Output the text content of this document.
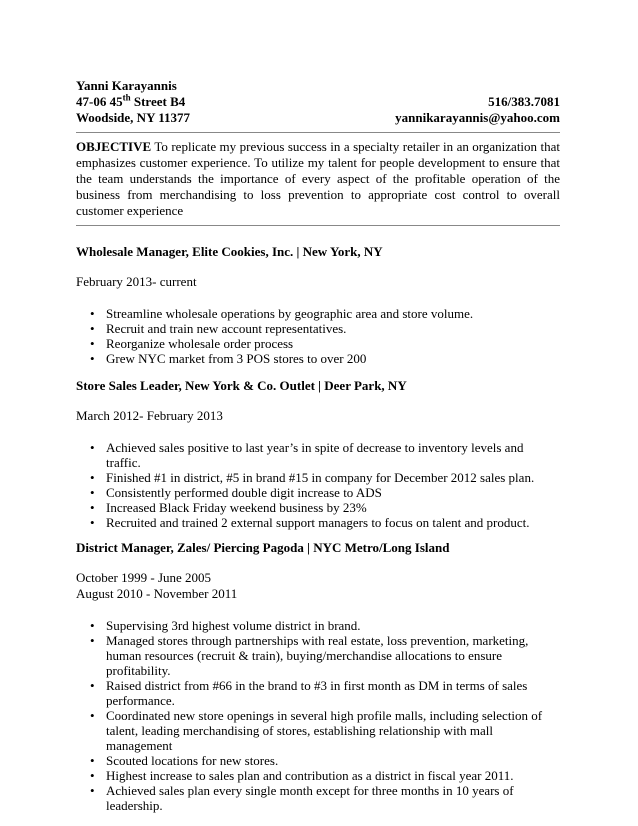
Yanni Karayannis
47-06 45th Street B4	516/383.7081
Woodside, NY 11377	yannikarayannis@yahoo.com
OBJECTIVE To replicate my previous success in a specialty retailer in an organization that emphasizes customer experience. To utilize my talent for people development to ensure that the team understands the importance of every aspect of the profitable operation of the business from merchandising to loss prevention to appropriate cost control to overall customer experience
Wholesale Manager, Elite Cookies, Inc. | New York, NY
February 2013- current
• Streamline wholesale operations by geographic area and store volume.
• Recruit and train new account representatives.
• Reorganize wholesale order process
• Grew NYC market from 3 POS stores to over 200
Store Sales Leader, New York & Co. Outlet | Deer Park, NY
March 2012- February 2013
• Achieved sales positive to last year’s in spite of decrease to inventory levels and traffic.
• Finished #1 in district, #5 in brand #15 in company for December 2012 sales plan.
• Consistently performed double digit increase to ADS
• Increased Black Friday weekend business by 23%
• Recruited and trained 2 external support managers to focus on talent and product.
District Manager, Zales/ Piercing Pagoda | NYC Metro/Long Island
October 1999 - June 2005
August 2010 - November 2011
• Supervising 3rd highest volume district in brand.
• Managed stores through partnerships with real estate, loss prevention, marketing, human resources (recruit & train), buying/merchandise allocations to ensure profitability.
• Raised district from #66 in the brand to #3 in first month as DM in terms of sales performance.
• Coordinated new store openings in several high profile malls, including selection of talent, leading merchandising of stores, establishing relationship with mall management
• Scouted locations for new stores.
• Highest increase to sales plan and contribution as a district in fiscal year 2011.
• Achieved sales plan every single month except for three months in 10 years of leadership.
